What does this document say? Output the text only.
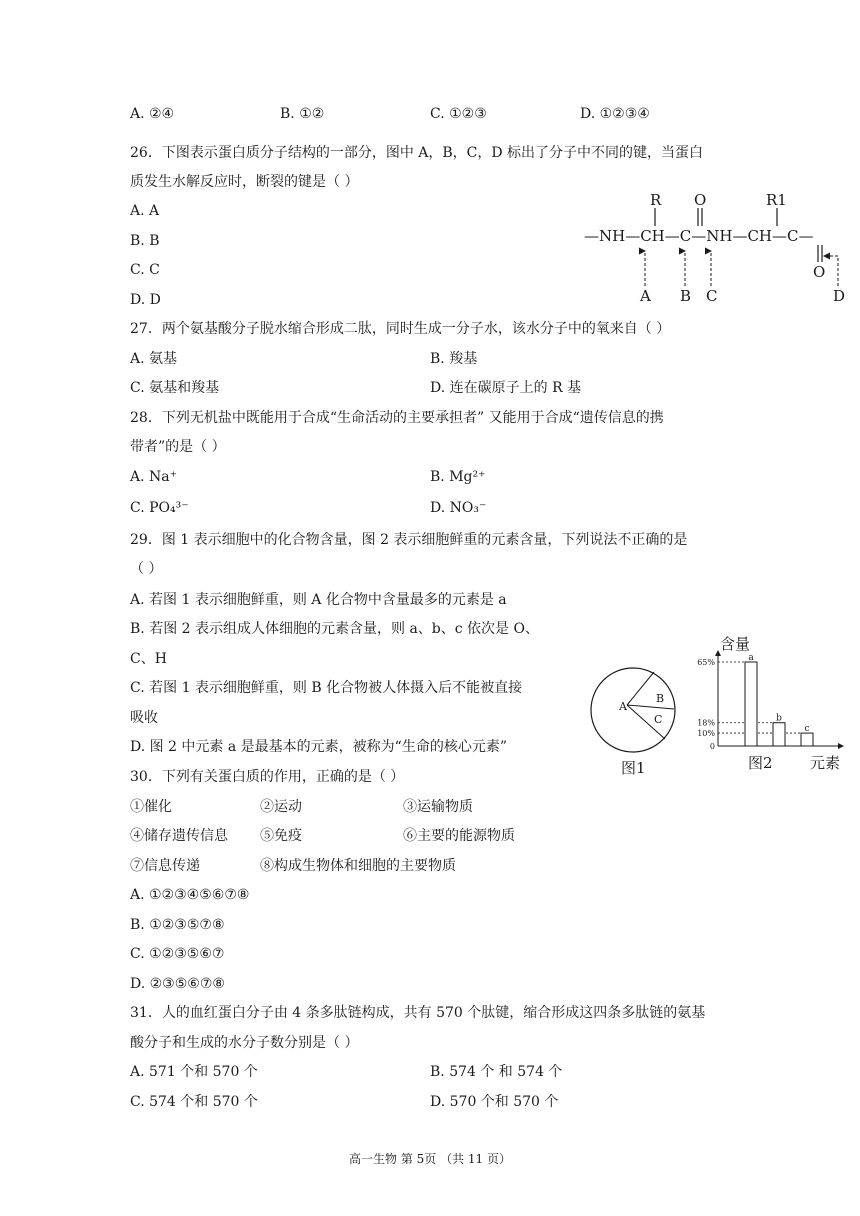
A. ②④	B. ①②	C. ①②③	D. ①②③④
26．下图表示蛋白质分子结构的一部分，图中 A，B，C，D 标出了分子中不同的键，当蛋白
质发生水解反应时，断裂的键是（ ）
A. A
B. B
C. C
D. D
—NH—CH—C—NH—CH—C—
R O	R1
O
A B C	D
27．两个氨基酸分子脱水缩合形成二肽，同时生成一分子水，该水分子中的氧来自（ ）
A. 氨基	B. 羧基
C. 氨基和羧基	D. 连在碳原子上的 R 基
28．下列无机盐中既能用于合成“生命活动的主要承担者” 又能用于合成“遗传信息的携
带者”的是（ ）
A. Na⁺	B. Mg²⁺
C. PO₄³⁻	D. NO₃⁻
29．图 1 表示细胞中的化合物含量，图 2 表示细胞鲜重的元素含量，下列说法不正确的是
（ ）
A. 若图 1 表示细胞鲜重，则 A 化合物中含量最多的元素是 a
B. 若图 2 表示组成人体细胞的元素含量，则 a、b、c 依次是 O、
C、H
C. 若图 1 表示细胞鲜重，则 B 化合物被人体摄入后不能被直接
吸收
D. 图 2 中元素 a 是最基本的元素，被称为“生命的核心元素”
A
B
C
图1
含量
元素
图2
65%
18%
10%
0
a
b
c
30．下列有关蛋白质的作用，正确的是（ ）
①催化	②运动	③运输物质
④储存遗传信息 ⑤免疫	⑥主要的能源物质
⑦信息传递	⑧构成生物体和细胞的主要物质
A. ①②③④⑤⑥⑦⑧
B. ①②③⑤⑦⑧
C. ①②③⑤⑥⑦
D. ②③⑤⑥⑦⑧
31．人的血红蛋白分子由 4 条多肽链构成，共有 570 个肽键，缩合形成这四条多肽链的氨基
酸分子和生成的水分子数分别是（ ）
A. 571 个和 570 个	B. 574 个 和 574 个
C. 574 个和 570 个	D. 570 个和 570 个
高一生物 第 5页 （共 11 页）
